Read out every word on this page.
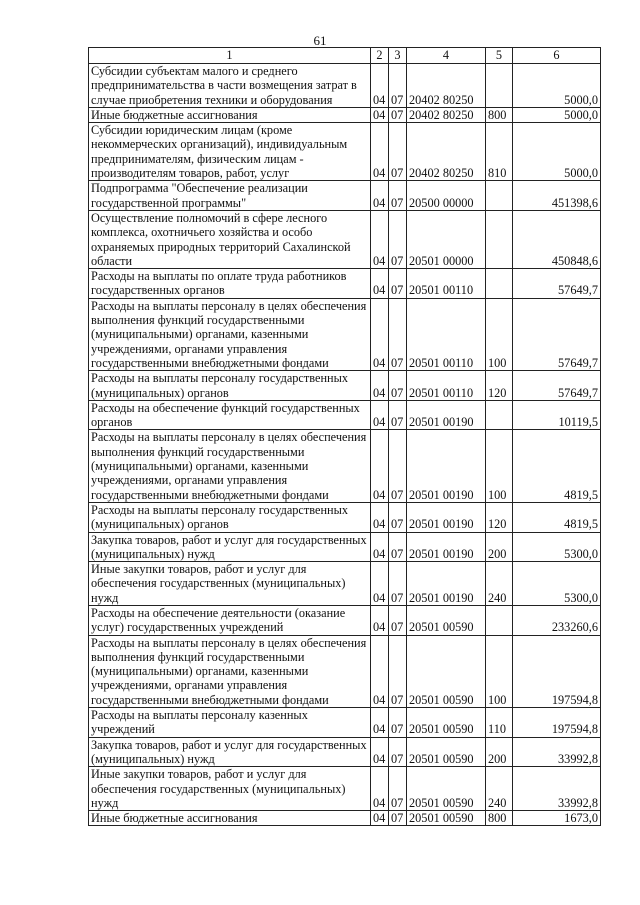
61
1	2	3	4	5	6
Субсидии субъектам малого и среднего предпринимательства в части возмещения затрат в случае приобретения техники и оборудования	04	07	20402 80250		5000,0
Иные бюджетные ассигнования	04	07	20402 80250	800	5000,0
Субсидии юридическим лицам (кроме некоммерческих организаций), индивидуальным предпринимателям, физическим лицам - производителям товаров, работ, услуг	04	07	20402 80250	810	5000,0
Подпрограмма "Обеспечение реализации государственной программы"	04	07	20500 00000		451398,6
Осуществление полномочий в сфере лесного комплекса, охотничьего хозяйства и особо охраняемых природных территорий Сахалинской области	04	07	20501 00000		450848,6
Расходы на выплаты по оплате труда работников государственных органов	04	07	20501 00110		57649,7
Расходы на выплаты персоналу в целях обеспечения выполнения функций государственными (муниципальными) органами, казенными учреждениями, органами управления государственными внебюджетными фондами	04	07	20501 00110	100	57649,7
Расходы на выплаты персоналу государственных (муниципальных) органов	04	07	20501 00110	120	57649,7
Расходы на обеспечение функций государственных органов	04	07	20501 00190		10119,5
Расходы на выплаты персоналу в целях обеспечения выполнения функций государственными (муниципальными) органами, казенными учреждениями, органами управления государственными внебюджетными фондами	04	07	20501 00190	100	4819,5
Расходы на выплаты персоналу государственных (муниципальных) органов	04	07	20501 00190	120	4819,5
Закупка товаров, работ и услуг для государственных (муниципальных) нужд	04	07	20501 00190	200	5300,0
Иные закупки товаров, работ и услуг для обеспечения государственных (муниципальных) нужд	04	07	20501 00190	240	5300,0
Расходы на обеспечение деятельности (оказание услуг) государственных учреждений	04	07	20501 00590		233260,6
Расходы на выплаты персоналу в целях обеспечения выполнения функций государственными (муниципальными) органами, казенными учреждениями, органами управления государственными внебюджетными фондами	04	07	20501 00590	100	197594,8
Расходы на выплаты персоналу казенных учреждений	04	07	20501 00590	110	197594,8
Закупка товаров, работ и услуг для государственных (муниципальных) нужд	04	07	20501 00590	200	33992,8
Иные закупки товаров, работ и услуг для обеспечения государственных (муниципальных) нужд	04	07	20501 00590	240	33992,8
Иные бюджетные ассигнования	04	07	20501 00590	800	1673,0
